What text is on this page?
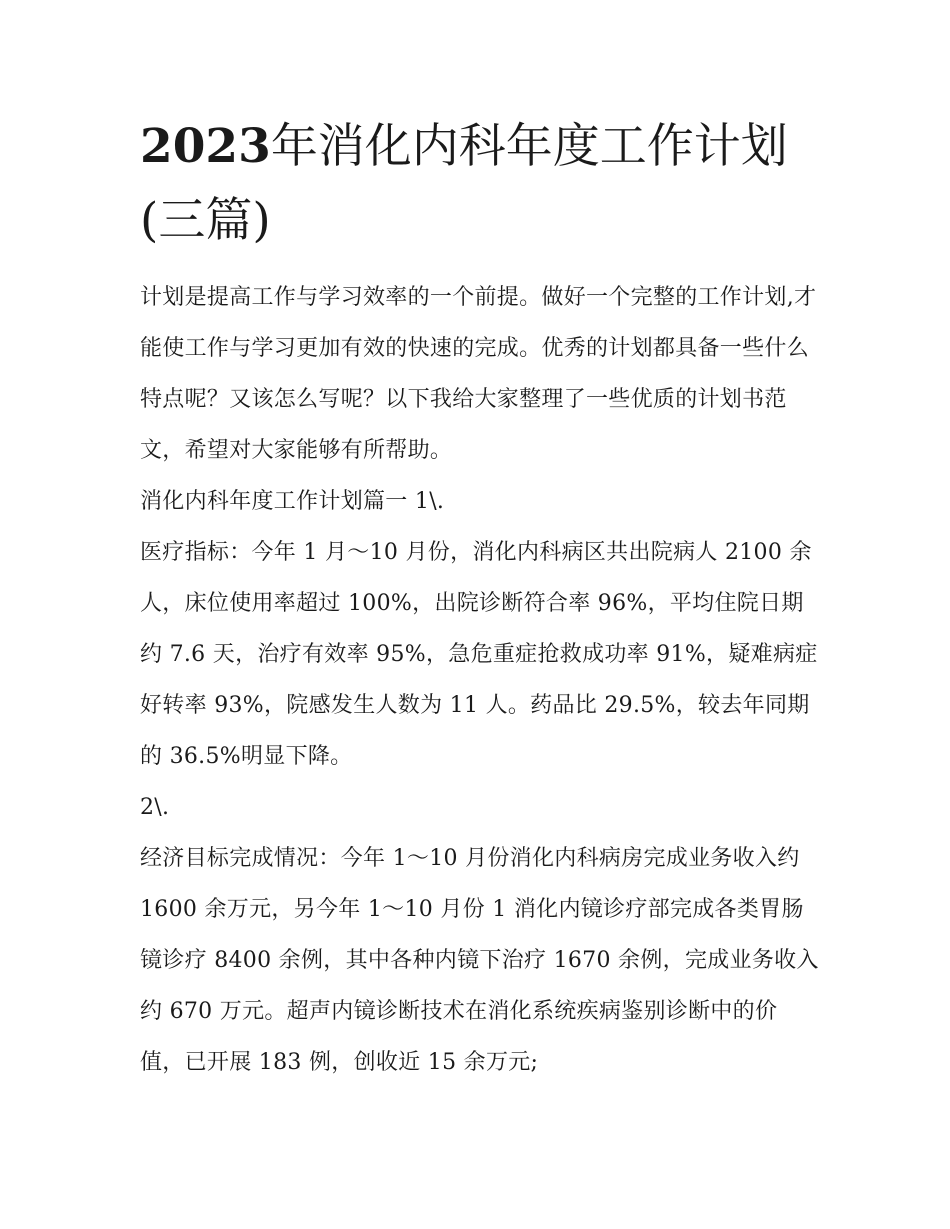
2023年消化内科年度工作计划(三篇)

计划是提高工作与学习效率的一个前提。做好一个完整的工作计划,才能使工作与学习更加有效的快速的完成。优秀的计划都具备一些什么特点呢？又该怎么写呢？以下我给大家整理了一些优质的计划书范文，希望对大家能够有所帮助。

消化内科年度工作计划篇一 1\.

医疗指标：今年 1 月～10 月份，消化内科病区共出院病人 2100 余人，床位使用率超过 100%，出院诊断符合率 96%，平均住院日期约 7.6 天，治疗有效率 95%，急危重症抢救成功率 91%，疑难病症好转率 93%，院感发生人数为 11 人。药品比 29.5%，较去年同期的 36.5%明显下降。

2\.

经济目标完成情况：今年 1～10 月份消化内科病房完成业务收入约 1600 余万元，另今年 1～10 月份 1 消化内镜诊疗部完成各类胃肠镜诊疗 8400 余例，其中各种内镜下治疗 1670 余例，完成业务收入约 670 万元。超声内镜诊断技术在消化系统疾病鉴别诊断中的价值，已开展 183 例，创收近 15 余万元;
